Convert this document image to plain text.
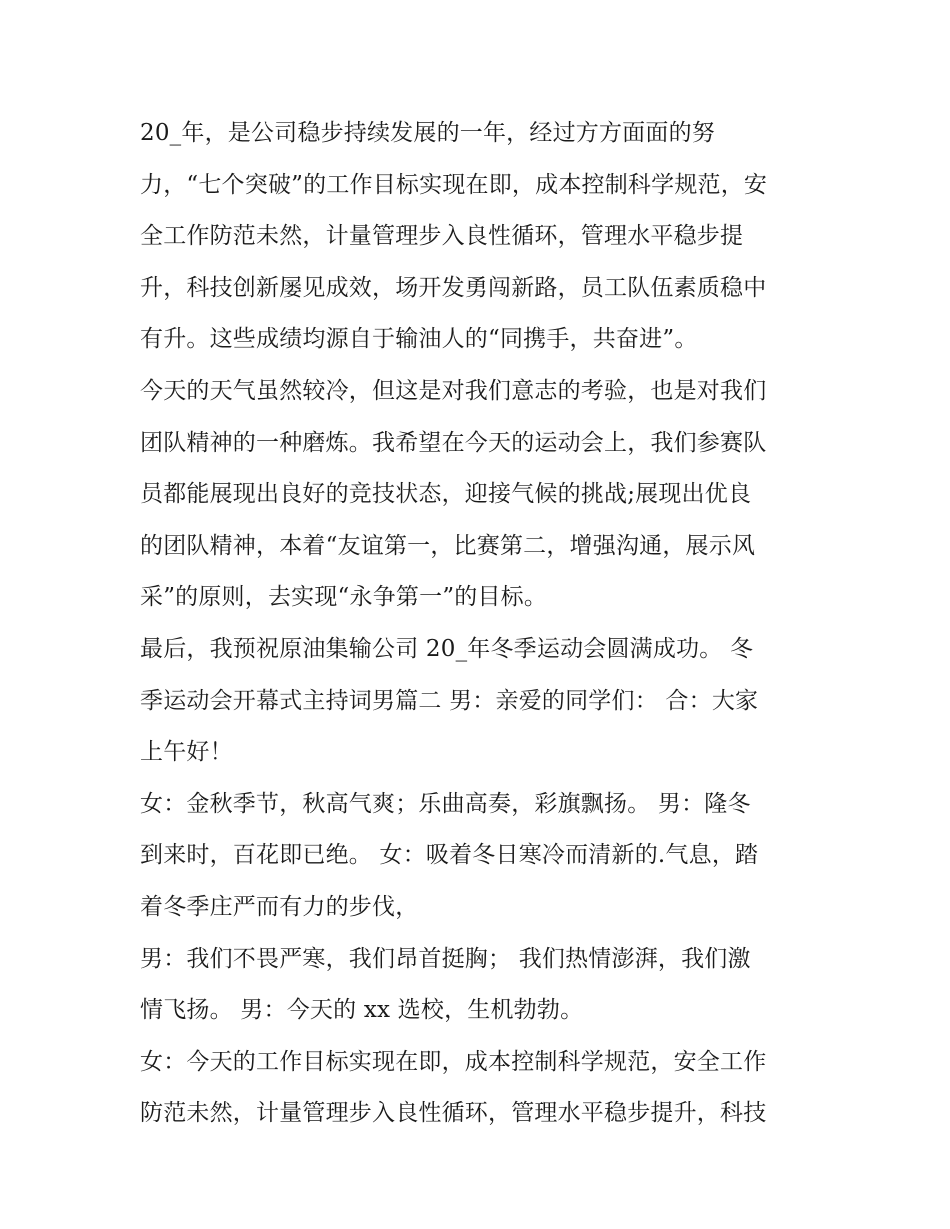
20_年，是公司稳步持续发展的一年，经过方方面面的努
力，“七个突破”的工作目标实现在即，成本控制科学规范，安
全工作防范未然，计量管理步入良性循环，管理水平稳步提
升，科技创新屡见成效，场开发勇闯新路，员工队伍素质稳中
有升。这些成绩均源自于输油人的“同携手，共奋进”。
今天的天气虽然较冷，但这是对我们意志的考验，也是对我们
团队精神的一种磨炼。我希望在今天的运动会上，我们参赛队
员都能展现出良好的竞技状态，迎接气候的挑战;展现出优良
的团队精神，本着“友谊第一，比赛第二，增强沟通，展示风
采”的原则，去实现“永争第一”的目标。
最后，我预祝原油集输公司 20_年冬季运动会圆满成功。 冬
季运动会开幕式主持词男篇二 男：亲爱的同学们： 合：大家
上午好！
女：金秋季节，秋高气爽；乐曲高奏，彩旗飘扬。 男：隆冬
到来时，百花即已绝。 女：吸着冬日寒冷而清新的.气息，踏
着冬季庄严而有力的步伐，
男：我们不畏严寒，我们昂首挺胸； 我们热情澎湃，我们激
情飞扬。 男：今天的 xx 选校，生机勃勃。
女：今天的工作目标实现在即，成本控制科学规范，安全工作
防范未然，计量管理步入良性循环，管理水平稳步提升，科技
